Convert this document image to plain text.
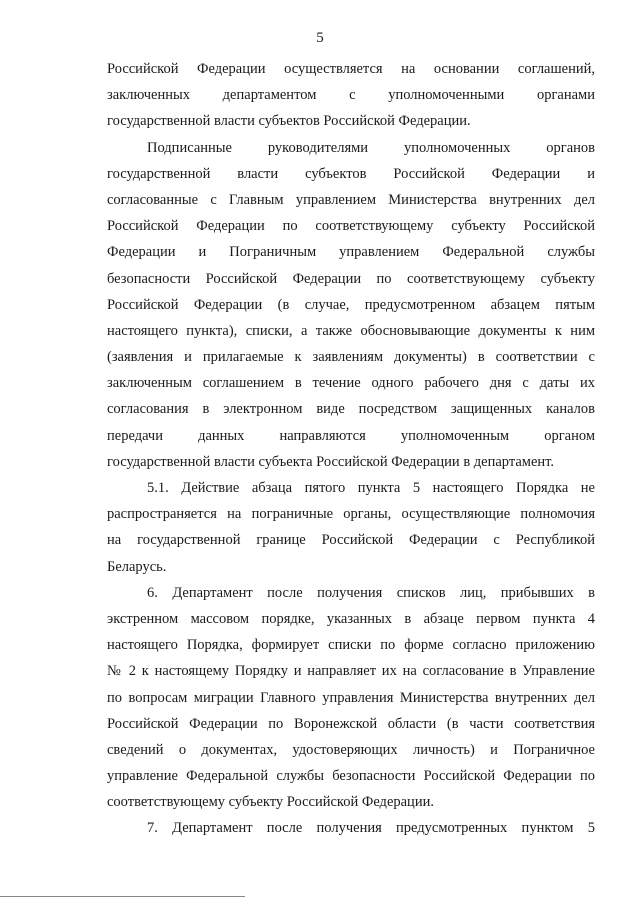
5
Российской Федерации осуществляется на основании соглашений,
заключенных департаментом с уполномоченными органами
государственной власти субъектов Российской Федерации.
Подписанные руководителями уполномоченных органов
государственной власти субъектов Российской Федерации и
согласованные с Главным управлением Министерства внутренних дел
Российской Федерации по соответствующему субъекту Российской
Федерации и Пограничным управлением Федеральной службы
безопасности Российской Федерации по соответствующему субъекту
Российской Федерации (в случае, предусмотренном абзацем пятым
настоящего пункта), списки, а также обосновывающие документы к ним
(заявления и прилагаемые к заявлениям документы) в соответствии с
заключенным соглашением в течение одного рабочего дня с даты их
согласования в электронном виде посредством защищенных каналов
передачи данных направляются уполномоченным органом
государственной власти субъекта Российской Федерации в департамент.
5.1. Действие абзаца пятого пункта 5 настоящего Порядка не
распространяется на пограничные органы, осуществляющие полномочия
на государственной границе Российской Федерации с Республикой
Беларусь.
6. Департамент после получения списков лиц, прибывших в
экстренном массовом порядке, указанных в абзаце первом пункта 4
настоящего Порядка, формирует списки по форме согласно приложению
№ 2 к настоящему Порядку и направляет их на согласование в Управление
по вопросам миграции Главного управления Министерства внутренних дел
Российской Федерации по Воронежской области (в части соответствия
сведений о документах, удостоверяющих личность) и Пограничное
управление Федеральной службы безопасности Российской Федерации по
соответствующему субъекту Российской Федерации.
7. Департамент после получения предусмотренных пунктом 5
